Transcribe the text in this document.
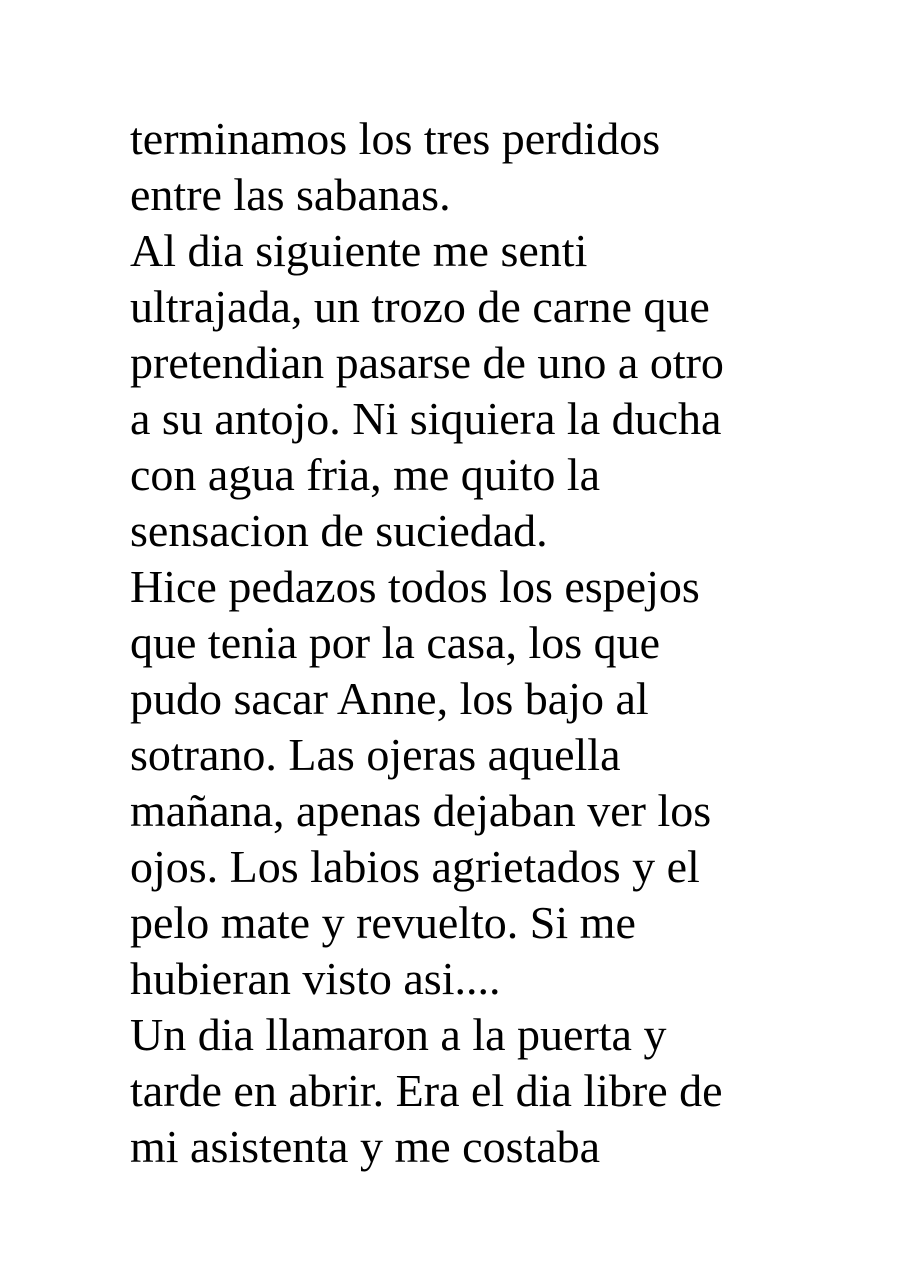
terminamos los tres perdidos
entre las sabanas.
Al dia siguiente me senti
ultrajada, un trozo de carne que
pretendian pasarse de uno a otro
a su antojo. Ni siquiera la ducha
con agua fria, me quito la
sensacion de suciedad.
Hice pedazos todos los espejos
que tenia por la casa, los que
pudo sacar Anne, los bajo al
sotrano. Las ojeras aquella
mañana, apenas dejaban ver los
ojos. Los labios agrietados y el
pelo mate y revuelto. Si me
hubieran visto asi....
Un dia llamaron a la puerta y
tarde en abrir. Era el dia libre de
mi asistenta y me costaba
